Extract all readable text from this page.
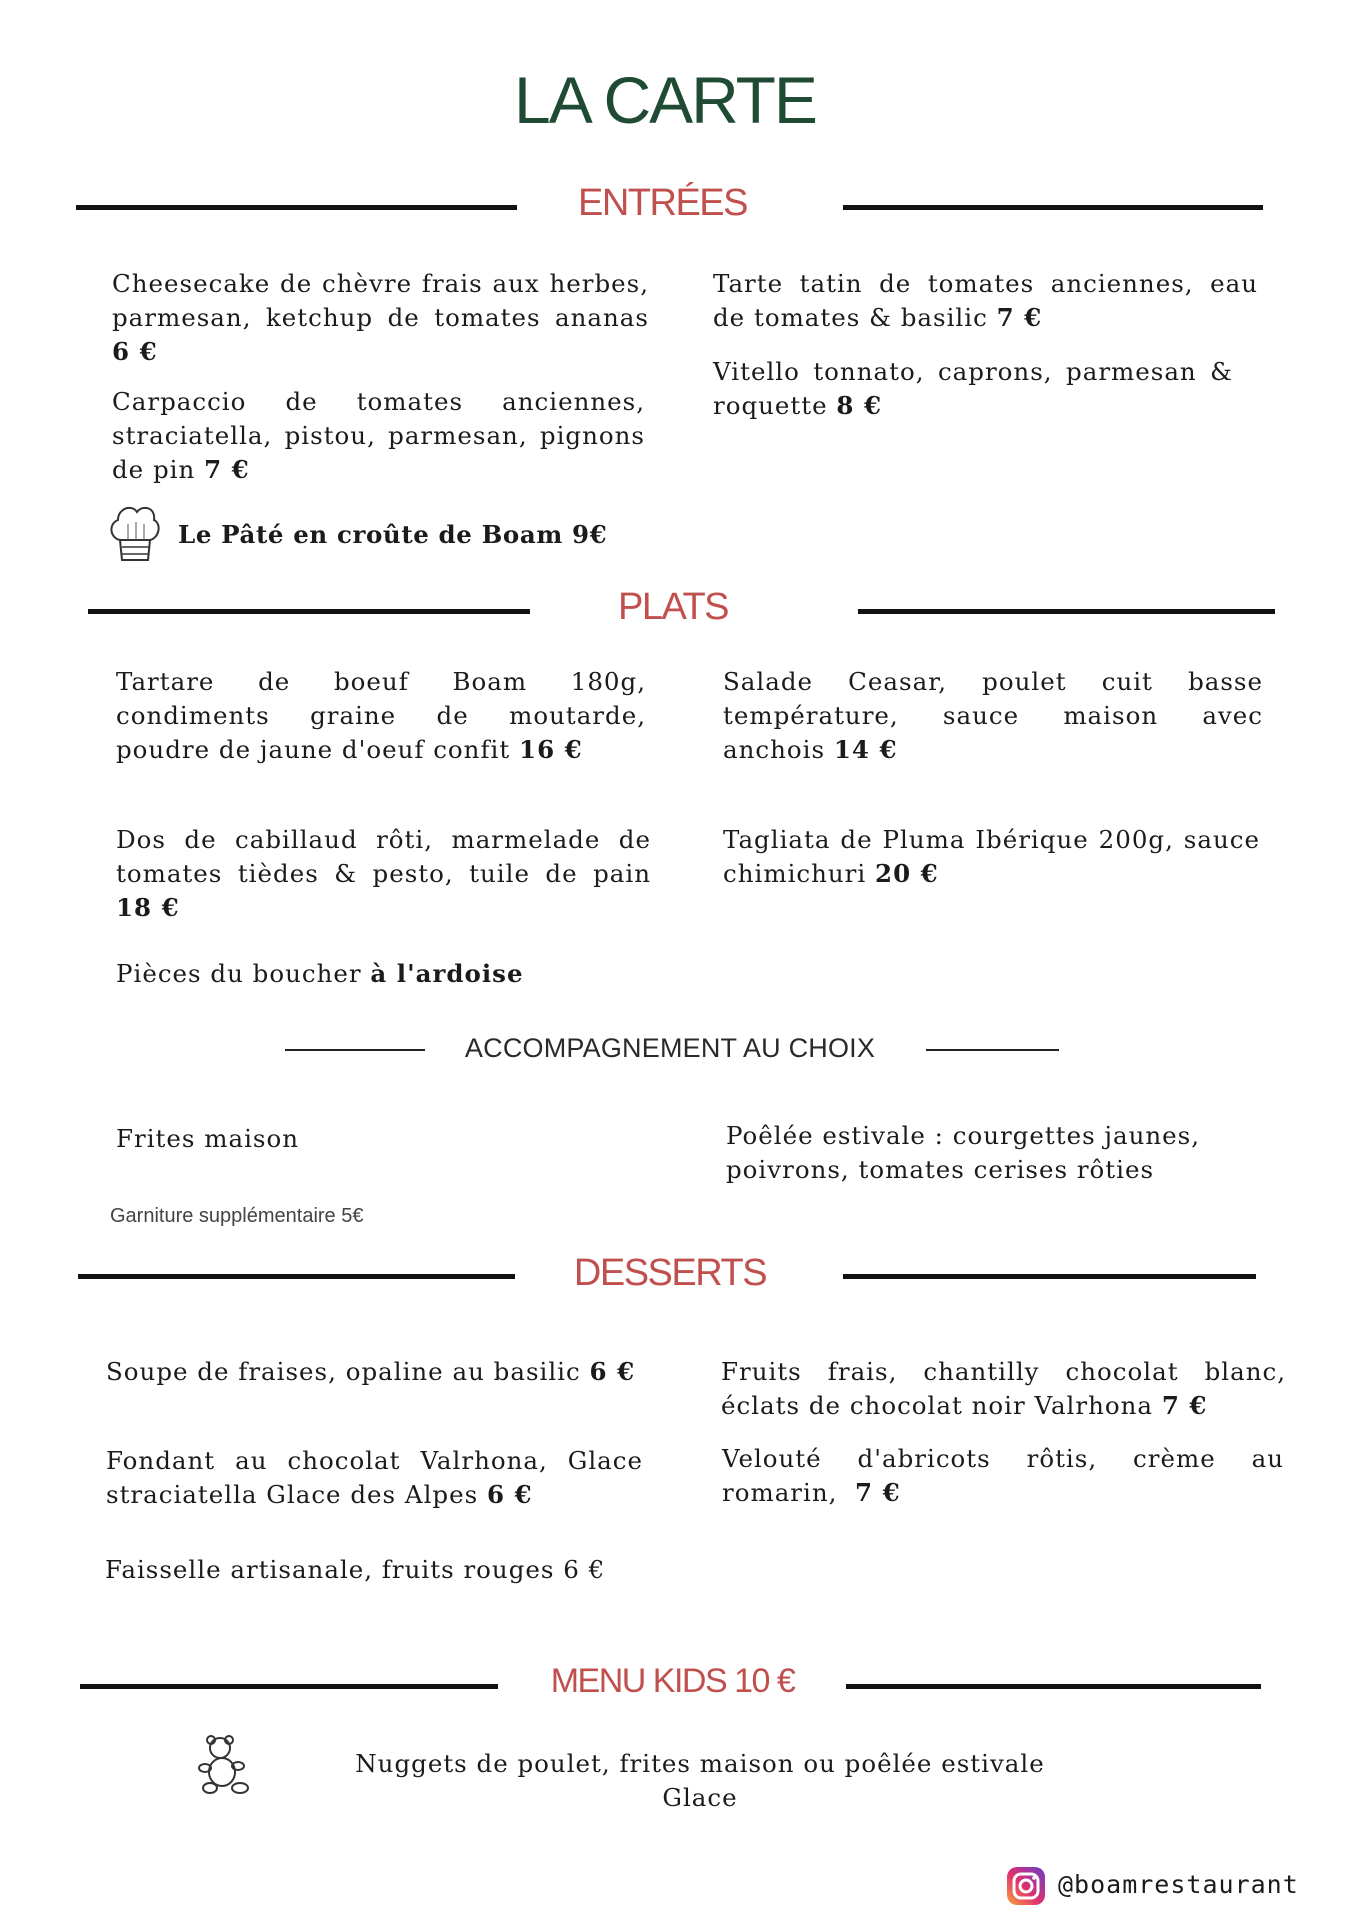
LA CARTE
ENTRÉES
Cheesecake de chèvre frais aux herbes, parmesan, ketchup de tomates ananas 6 €
Carpaccio de tomates anciennes, straciatella, pistou, parmesan, pignons de pin 7 €
Tarte tatin de tomates anciennes, eau de tomates & basilic 7 €
Vitello tonnato, caprons, parmesan & roquette 8 €
Le Pâté en croûte de Boam 9€
PLATS
Tartare de boeuf Boam 180g, condiments graine de moutarde, poudre de jaune d'oeuf confit 16 €
Salade Ceasar, poulet cuit basse température, sauce maison avec anchois 14 €
Dos de cabillaud rôti, marmelade de tomates tièdes & pesto, tuile de pain 18 €
Tagliata de Pluma Ibérique 200g, sauce chimichuri 20 €
Pièces du boucher à l'ardoise
ACCOMPAGNEMENT AU CHOIX
Frites maison	Poêlée estivale : courgettes jaunes, poivrons, tomates cerises rôties
Garniture supplémentaire 5€
DESSERTS
Soupe de fraises, opaline au basilic 6 €	Fruits frais, chantilly chocolat blanc, éclats de chocolat noir Valrhona 7 €
Fondant au chocolat Valrhona, Glace straciatella Glace des Alpes 6 €
Velouté d'abricots rôtis, crème au romarin, 7 €
Faisselle artisanale, fruits rouges 6 €
MENU KIDS 10 €
Nuggets de poulet, frites maison ou poêlée estivale
Glace
@boamrestaurant
